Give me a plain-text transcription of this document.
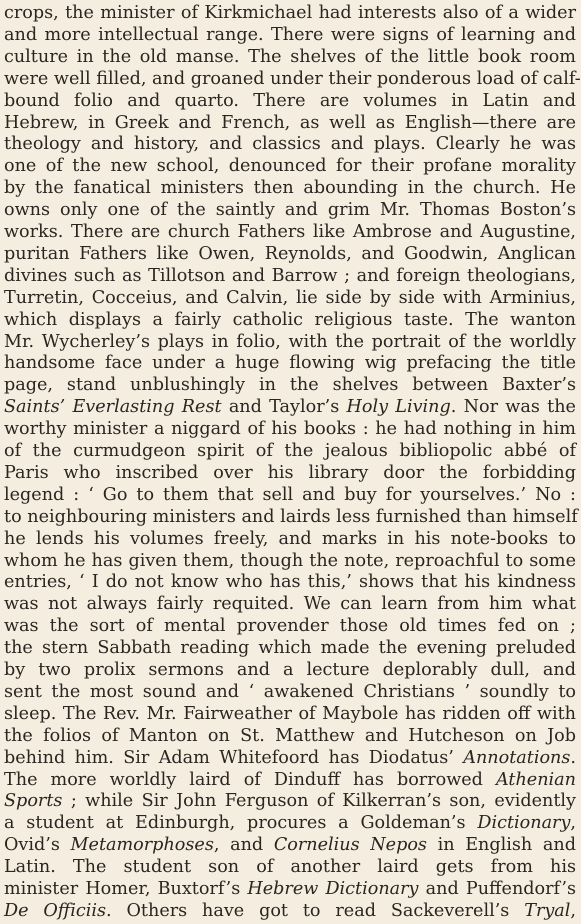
crops, the minister of Kirkmichael had interests also of a wider
and more intellectual range. There were signs of learning and
culture in the old manse. The shelves of the little book room
were well filled, and groaned under their ponderous load of calf-
bound folio and quarto. There are volumes in Latin and
Hebrew, in Greek and French, as well as English—there are
theology and history, and classics and plays. Clearly he was
one of the new school, denounced for their profane morality
by the fanatical ministers then abounding in the church. He
owns only one of the saintly and grim Mr. Thomas Boston’s
works. There are church Fathers like Ambrose and Augustine,
puritan Fathers like Owen, Reynolds, and Goodwin, Anglican
divines such as Tillotson and Barrow ; and foreign theologians,
Turretin, Cocceius, and Calvin, lie side by side with Arminius,
which displays a fairly catholic religious taste. The wanton
Mr. Wycherley’s plays in folio, with the portrait of the worldly
handsome face under a huge flowing wig prefacing the title
page, stand unblushingly in the shelves between Baxter’s
Saints’ Everlasting Rest and Taylor’s Holy Living. Nor was the
worthy minister a niggard of his books : he had nothing in him
of the curmudgeon spirit of the jealous bibliopolic abbé of
Paris who inscribed over his library door the forbidding
legend : ‘ Go to them that sell and buy for yourselves.’ No :
to neighbouring ministers and lairds less furnished than himself
he lends his volumes freely, and marks in his note-books to
whom he has given them, though the note, reproachful to some
entries, ‘ I do not know who has this,’ shows that his kindness
was not always fairly requited. We can learn from him what
was the sort of mental provender those old times fed on ;
the stern Sabbath reading which made the evening preluded
by two prolix sermons and a lecture deplorably dull, and
sent the most sound and ‘ awakened Christians ’ soundly to
sleep. The Rev. Mr. Fairweather of Maybole has ridden off with
the folios of Manton on St. Matthew and Hutcheson on Job
behind him. Sir Adam Whitefoord has Diodatus’ Annotations.
The more worldly laird of Dinduff has borrowed Athenian
Sports ; while Sir John Ferguson of Kilkerran’s son, evidently
a student at Edinburgh, procures a Goldeman’s Dictionary,
Ovid’s Metamorphoses, and Cornelius Nepos in English and
Latin. The student son of another laird gets from his
minister Homer, Buxtorf’s Hebrew Dictionary and Puffendorf’s
De Officiis. Others have got to read Sackeverell’s Tryal,
